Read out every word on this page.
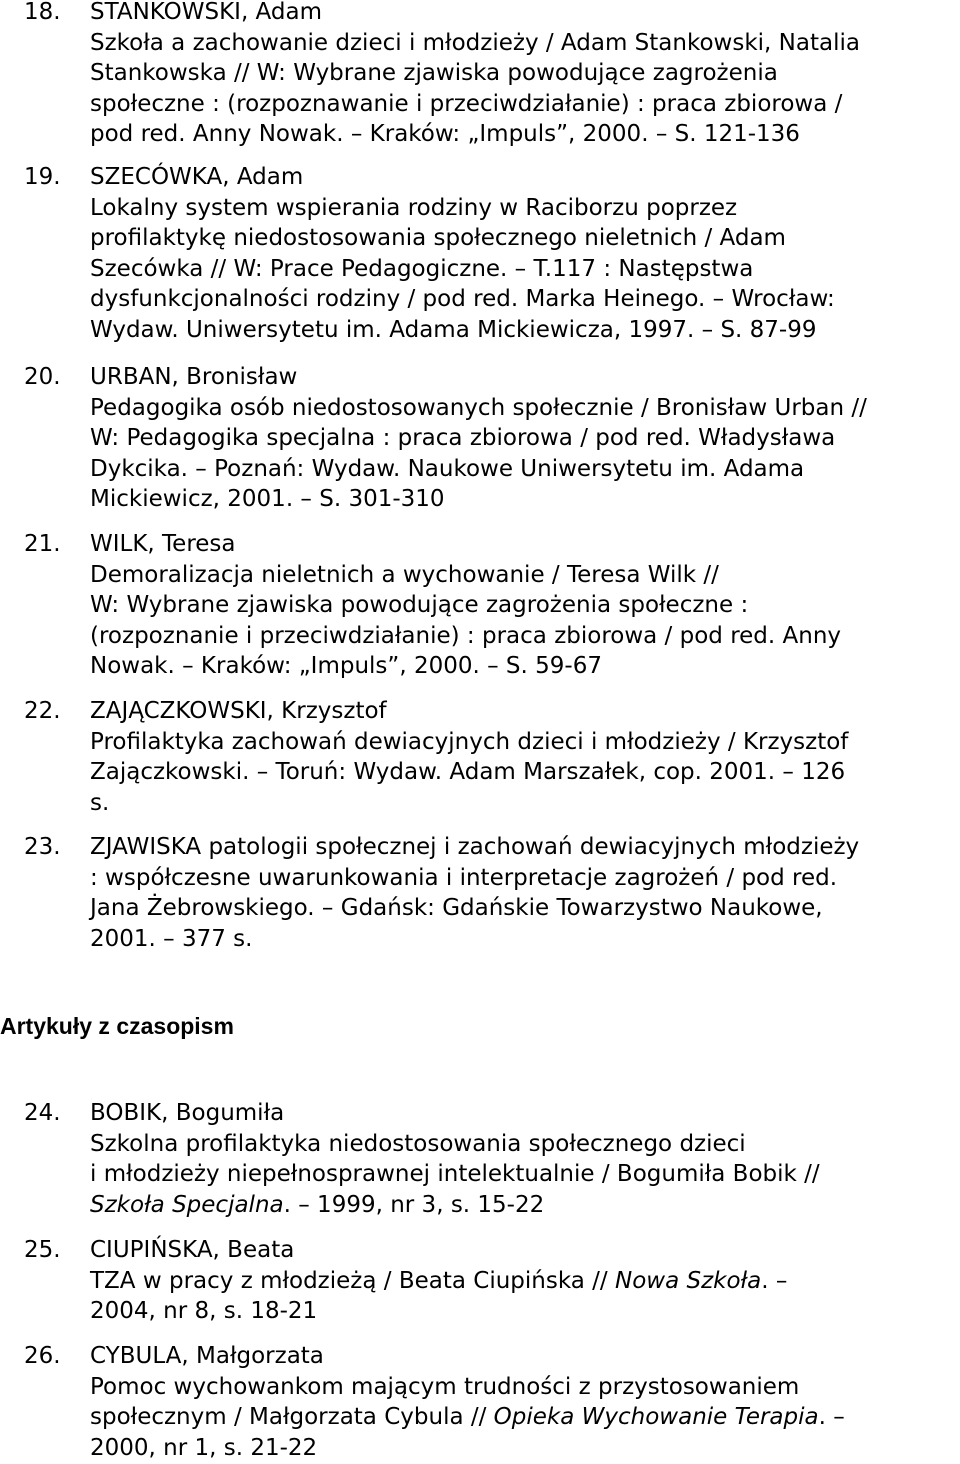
18. STANKOWSKI, Adam
Szkoła a zachowanie dzieci i młodzieży / Adam Stankowski, Natalia
Stankowska // W: Wybrane zjawiska powodujące zagrożenia
społeczne : (rozpoznawanie i przeciwdziałanie) : praca zbiorowa /
pod red. Anny Nowak. – Kraków: „Impuls”, 2000. – S. 121-136
19. SZECÓWKA, Adam
Lokalny system wspierania rodziny w Raciborzu poprzez
profilaktykę niedostosowania społecznego nieletnich / Adam
Szecówka // W: Prace Pedagogiczne. – T.117 : Następstwa
dysfunkcjonalności rodziny / pod red. Marka Heinego. – Wrocław:
Wydaw. Uniwersytetu im. Adama Mickiewicza, 1997. – S. 87-99
20. URBAN, Bronisław
Pedagogika osób niedostosowanych społecznie / Bronisław Urban //
W: Pedagogika specjalna : praca zbiorowa / pod red. Władysława
Dykcika. – Poznań: Wydaw. Naukowe Uniwersytetu im. Adama
Mickiewicz, 2001. – S. 301-310
21. WILK, Teresa
Demoralizacja nieletnich a wychowanie / Teresa Wilk //
W: Wybrane zjawiska powodujące zagrożenia społeczne :
(rozpoznanie i przeciwdziałanie) : praca zbiorowa / pod red. Anny
Nowak. – Kraków: „Impuls”, 2000. – S. 59-67
22. ZAJĄCZKOWSKI, Krzysztof
Profilaktyka zachowań dewiacyjnych dzieci i młodzieży / Krzysztof
Zajączkowski. – Toruń: Wydaw. Adam Marszałek, cop. 2001. – 126
s.
23. ZJAWISKA patologii społecznej i zachowań dewiacyjnych młodzieży
: współczesne uwarunkowania i interpretacje zagrożeń / pod red.
Jana Żebrowskiego. – Gdańsk: Gdańskie Towarzystwo Naukowe,
2001. – 377 s.
Artykuły z czasopism
24. BOBIK, Bogumiła
Szkolna profilaktyka niedostosowania społecznego dzieci
i młodzieży niepełnosprawnej intelektualnie / Bogumiła Bobik //
Szkoła Specjalna. – 1999, nr 3, s. 15-22
25. CIUPIŃSKA, Beata
TZA w pracy z młodzieżą / Beata Ciupińska // Nowa Szkoła. –
2004, nr 8, s. 18-21
26. CYBULA, Małgorzata
Pomoc wychowankom mającym trudności z przystosowaniem
społecznym / Małgorzata Cybula // Opieka Wychowanie Terapia. –
2000, nr 1, s. 21-22
